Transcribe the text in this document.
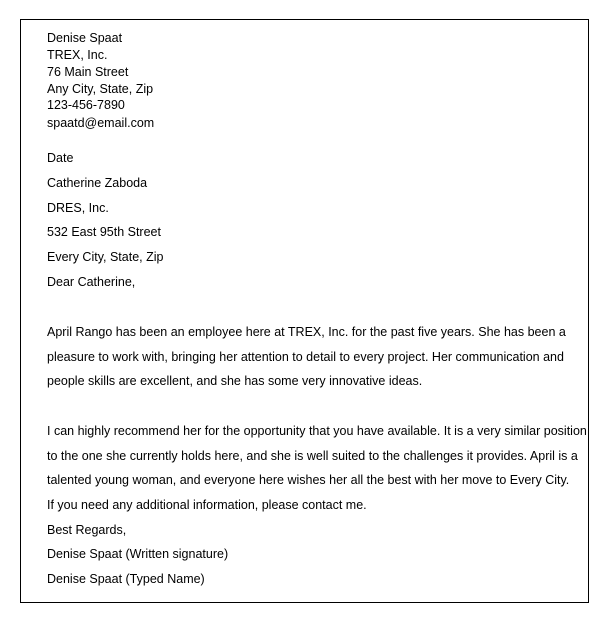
Denise Spaat
TREX, Inc.
76 Main Street
Any City, State, Zip
123-456-7890
spaatd@email.com
Date
Catherine Zaboda
DRES, Inc.
532 East 95th Street
Every City, State, Zip
Dear Catherine,
April Rango has been an employee here at TREX, Inc. for the past five years. She has been a
pleasure to work with, bringing her attention to detail to every project. Her communication and
people skills are excellent, and she has some very innovative ideas.
I can highly recommend her for the opportunity that you have available. It is a very similar position
to the one she currently holds here, and she is well suited to the challenges it provides. April is a
talented young woman, and everyone here wishes her all the best with her move to Every City.
If you need any additional information, please contact me.
Best Regards,
Denise Spaat (Written signature)
Denise Spaat (Typed Name)
